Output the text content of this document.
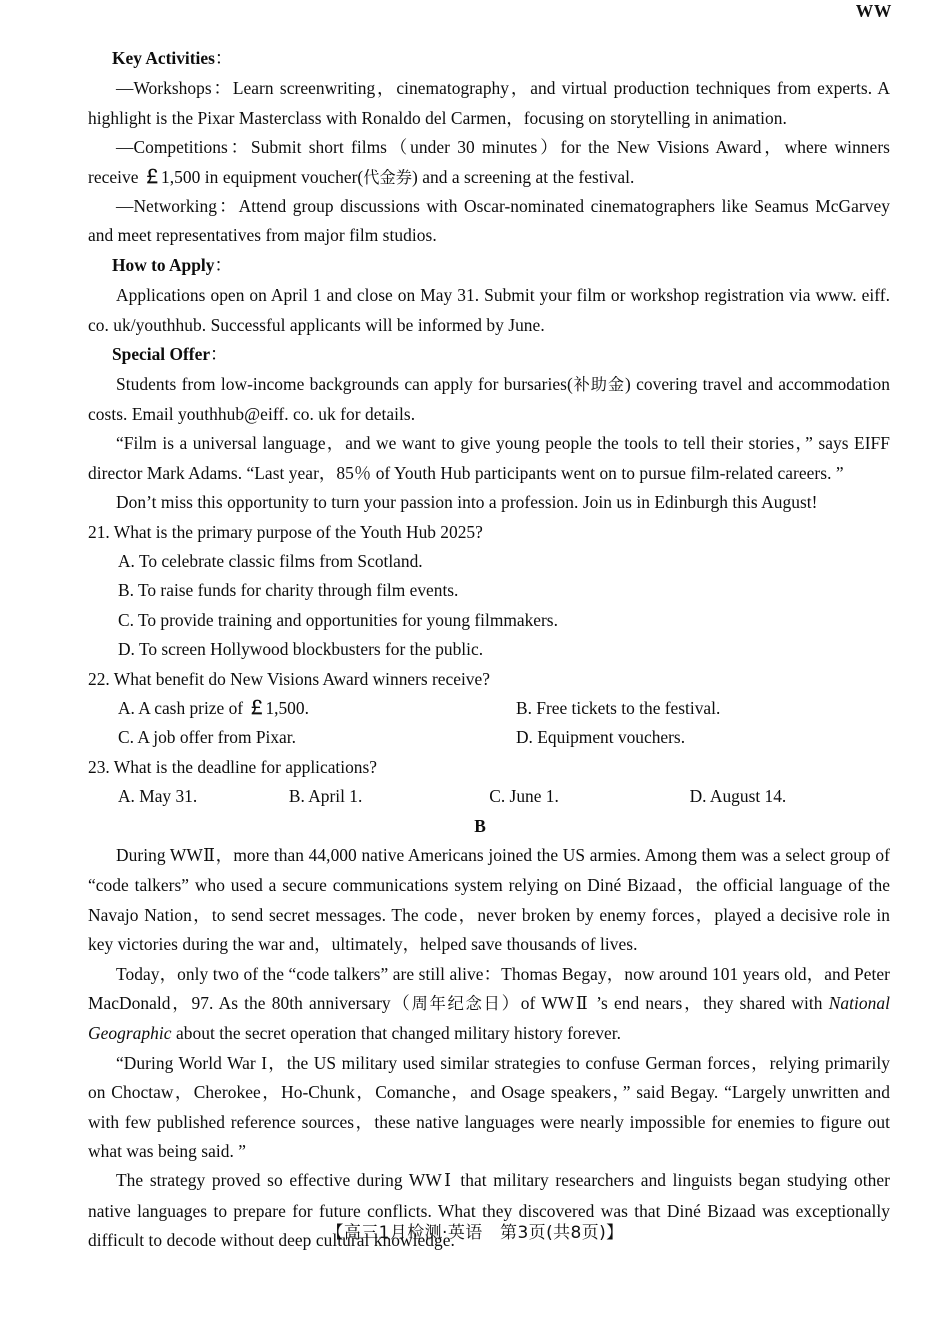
Key Activities：

—Workshops：Learn screenwriting，cinematography，and virtual production techniques from experts. A highlight is the Pixar Masterclass with Ronaldo del Carmen，focusing on storytelling in animation.

—Competitions：Submit short films（under 30 minutes）for the New Visions Award，where winners receive ￡1,500 in equipment voucher(代金券) and a screening at the festival.

—Networking：Attend group discussions with Oscar-nominated cinematographers like Seamus McGarvey and meet representatives from major film studios.

How to Apply：

Applications open on April 1 and close on May 31. Submit your film or workshop registration via www. eiff. co. uk/youthhub. Successful applicants will be informed by June.

Special Offer：

Students from low-income backgrounds can apply for bursaries(补助金) covering travel and accommodation costs. Email youthhub@eiff. co. uk for details.

“Film is a universal language，and we want to give young people the tools to tell their stories，” says EIFF director Mark Adams. “Last year，85％ of Youth Hub participants went on to pursue film-related careers. ”

Don’t miss this opportunity to turn your passion into a profession. Join us in Edinburgh this August!

21. What is the primary purpose of the Youth Hub 2025?

A. To celebrate classic films from Scotland.

B. To raise funds for charity through film events.

C. To provide training and opportunities for young filmmakers.

D. To screen Hollywood blockbusters for the public.

22. What benefit do New Visions Award winners receive?

A. A cash prize of ￡1,500.	B. Free tickets to the festival.
C. A job offer from Pixar.	D. Equipment vouchers.

23. What is the deadline for applications?

A. May 31.	B. April 1.	C. June 1.	D. August 14.

B

During WWⅡ，more than 44,000 native Americans joined the US armies. Among them was a select group of “code talkers” who used a secure communications system relying on Diné Bizaad，the official language of the Navajo Nation，to send secret messages. The code，never broken by enemy forces，played a decisive role in key victories during the war and，ultimately，helped save thousands of lives.

Today，only two of the “code talkers” are still alive：Thomas Begay，now around 101 years old，and Peter MacDonald，97. As the 80th anniversary（周年纪念日）of WWⅡ ’s end nears，they shared with National Geographic about the secret operation that changed military history forever.

“During World War I，the US military used similar strategies to confuse German forces，relying primarily on Choctaw，Cherokee，Ho-Chunk，Comanche，and Osage speakers，” said Begay. “Largely unwritten and with few published reference sources，these native languages were nearly impossible for enemies to figure out what was being said. ”

The strategy proved so effective during WWⅠ that military researchers and linguists began studying other native languages to prepare for future conflicts. What they discovered was that Diné Bizaad was exceptionally difficult to decode without deep cultural knowledge.

【高三1月检测·英语　第3页(共8页)】
WW
